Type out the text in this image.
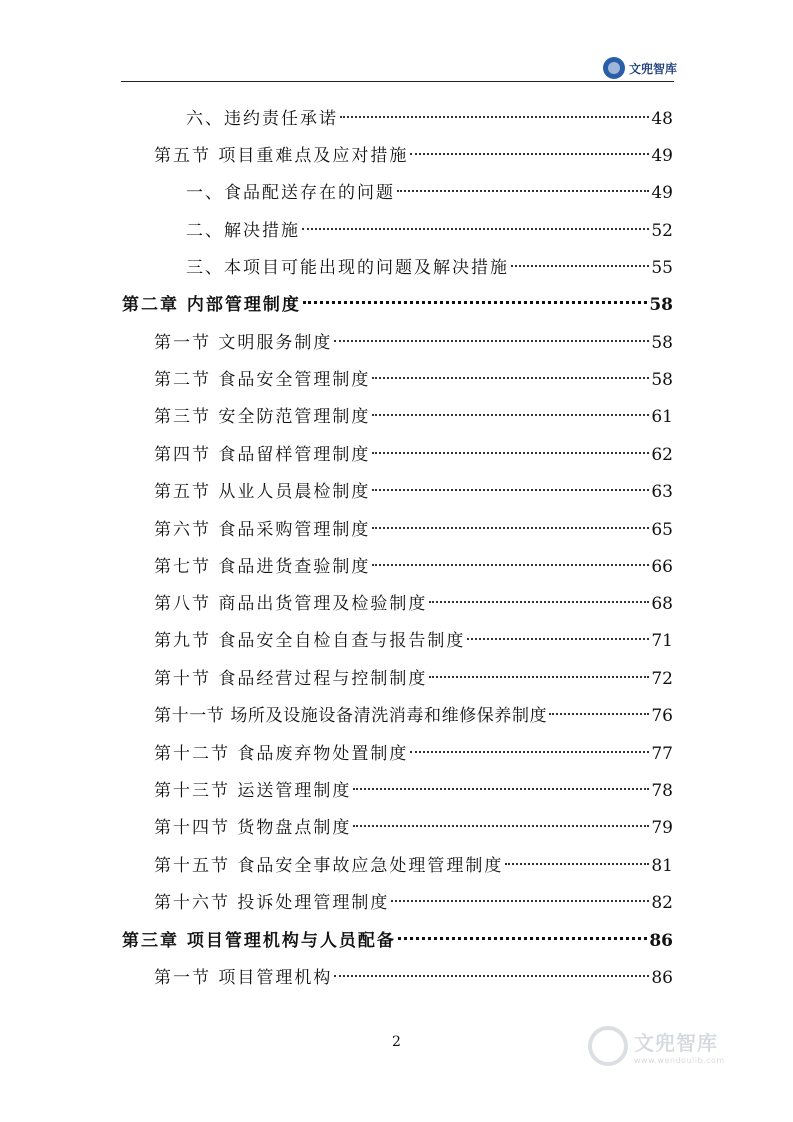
文兜智库
六、违约责任承诺	48
第五节 项目重难点及应对措施	49
一、食品配送存在的问题	49
二、解决措施	52
三、本项目可能出现的问题及解决措施	55
第二章 内部管理制度	58
第一节 文明服务制度	58
第二节 食品安全管理制度	58
第三节 安全防范管理制度	61
第四节 食品留样管理制度	62
第五节 从业人员晨检制度	63
第六节 食品采购管理制度	65
第七节 食品进货查验制度	66
第八节 商品出货管理及检验制度	68
第九节 食品安全自检自查与报告制度	71
第十节 食品经营过程与控制制度	72
第十一节 场所及设施设备清洗消毒和维修保养制度	76
第十二节 食品废弃物处置制度	77
第十三节 运送管理制度	78
第十四节 货物盘点制度	79
第十五节 食品安全事故应急处理管理制度	81
第十六节 投诉处理管理制度	82
第三章 项目管理机构与人员配备	86
第一节 项目管理机构	86
2	文兜智库
www.wendoulib.com
